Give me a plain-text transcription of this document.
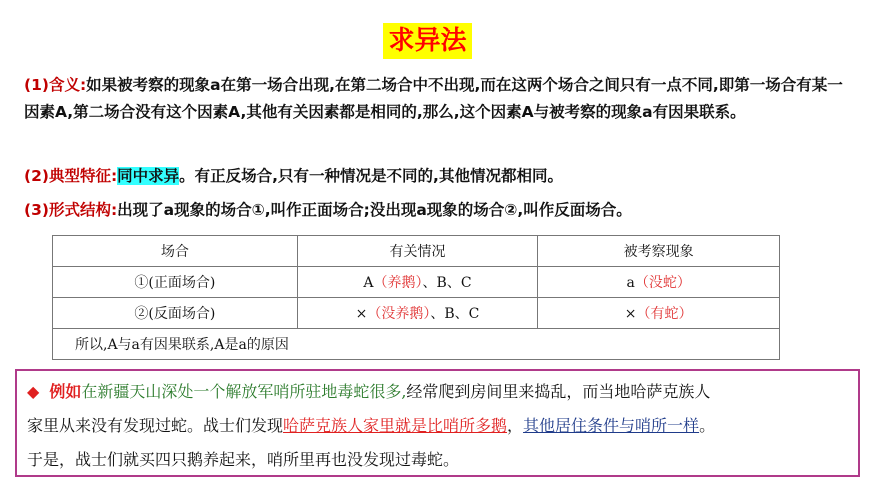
求异法

(1)含义:如果被考察的现象a在第一场合出现,在第二场合中不出现,而在这两个场合之间只有一点不同,即第一场合有某一因素A,第二场合没有这个因素A,其他有关因素都是相同的,那么,这个因素A与被考察的现象a有因果联系。

(2)典型特征:同中求异。有正反场合,只有一种情况是不同的,其他情况都相同。

(3)形式结构:出现了a现象的场合①,叫作正面场合;没出现a现象的场合②,叫作反面场合。

场合	有关情况	被考察现象
①(正面场合)	A（养鹅）、B、C	a（没蛇）
②(反面场合)	×（没养鹅）、B、C	×（有蛇）
所以,A与a有因果联系,A是a的原因		
◆ 例如在新疆天山深处一个解放军哨所驻地毒蛇很多,经常爬到房间里来捣乱，而当地哈萨克族人
家里从来没有发现过蛇。战士们发现哈萨克族人家里就是比哨所多鹅，其他居住条件与哨所一样。
于是，战士们就买四只鹅养起来，哨所里再也没发现过毒蛇。
